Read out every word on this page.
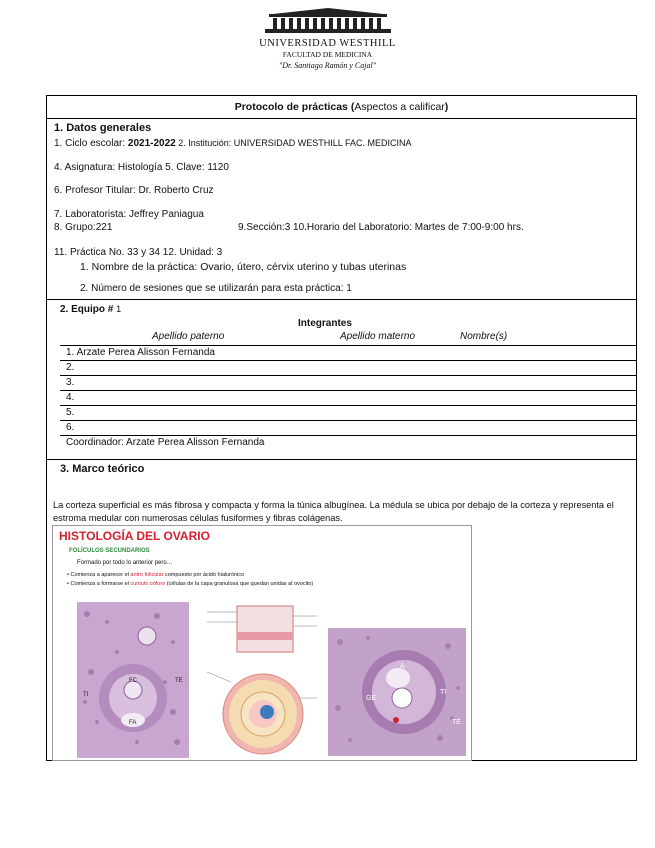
UNIVERSIDAD WESTHILL
FACULTAD DE MEDICINA
"Dr. Santiago Ramón y Cajal"
Protocolo de prácticas (Aspectos a calificar)
1. Datos generales
1. Ciclo escolar: 2021-2022 2. Institución: UNIVERSIDAD WESTHILL FAC. MEDICINA
4. Asignatura: Histología 5. Clave: 1120
6. Profesor Titular: Dr. Roberto Cruz
7. Laboratorista: Jeffrey Paniagua
8. Grupo:221	9.Sección:3 10.Horario del Laboratorio: Martes de 7:00-9:00 hrs.
11. Práctica No. 33 y 34 12. Unidad: 3
1. Nombre de la práctica: Ovario, útero, cérvix uterino y tubas uterinas
2. Número de sesiones que se utilizarán para esta práctica: 1
2. Equipo # 1
Integrantes
Apellido paterno	Apellido materno	Nombre(s)
1. Arzate Perea Alisson Fernanda
2.
3.
4.
5.
6.
Coordinador: Arzate Perea Alisson Fernanda
3. Marco teórico
La corteza superficial es más fibrosa y compacta y forma la túnica albugínea. La médula se ubica por debajo de la corteza y representa el estroma medular con numerosas células fusiformes y fibras colágenas.
HISTOLOGÍA DEL OVARIO
FOLÍCULOS SECUNDARIOS
Formado por todo lo anterior pero…
• Comienza a aparecer el antro folicular compuesto por ácido hialurónico
• Comienza a formarse el cumulo oóforo (células de la capa granulosa que quedan unidas al ovocito)
TI
FC	TE
FA
A
GE
TI
TE
